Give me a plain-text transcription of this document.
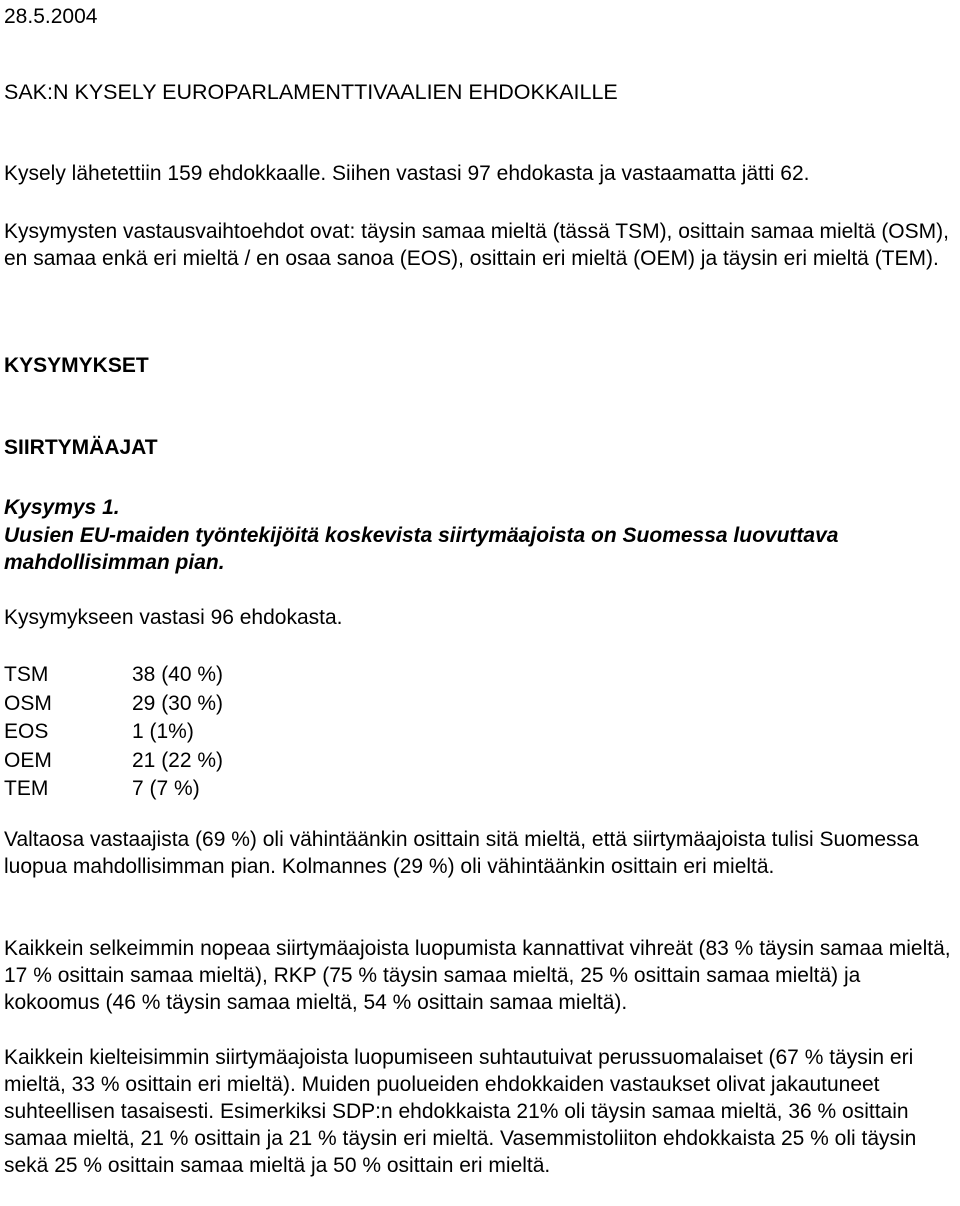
28.5.2004

SAK:N KYSELY EUROPARLAMENTTIVAALIEN EHDOKKAILLE

Kysely lähetettiin 159 ehdokkaalle. Siihen vastasi 97 ehdokasta ja vastaamatta jätti 62.

Kysymysten vastausvaihtoehdot ovat: täysin samaa mieltä (tässä TSM), osittain samaa mieltä (OSM), en samaa enkä eri mieltä / en osaa sanoa (EOS), osittain eri mieltä (OEM) ja täysin eri mieltä (TEM).

KYSYMYKSET
SIIRTYMÄAJAT

Kysymys 1.

Uusien EU-maiden työntekijöitä koskevista siirtymäajoista on Suomessa luovuttava mahdollisimman pian.

Kysymykseen vastasi 96 ehdokasta.

TSM	38 (40 %)
OSM	29 (30 %)
EOS	1 (1%)
OEM	21 (22 %)
TEM	7 (7 %)

Valtaosa vastaajista (69 %) oli vähintäänkin osittain sitä mieltä, että siirtymäajoista tulisi Suomessa luopua mahdollisimman pian. Kolmannes (29 %) oli vähintäänkin osittain eri mieltä.

Kaikkein selkeimmin nopeaa siirtymäajoista luopumista kannattivat vihreät (83 % täysin samaa mieltä, 17 % osittain samaa mieltä), RKP (75 % täysin samaa mieltä, 25 % osittain samaa mieltä) ja kokoomus (46 % täysin samaa mieltä, 54 % osittain samaa mieltä).

Kaikkein kielteisimmin siirtymäajoista luopumiseen suhtautuivat perussuomalaiset (67 % täysin eri mieltä, 33 % osittain eri mieltä). Muiden puolueiden ehdokkaiden vastaukset olivat jakautuneet suhteellisen tasaisesti. Esimerkiksi SDP:n ehdokkaista 21% oli täysin samaa mieltä, 36 % osittain samaa mieltä, 21 % osittain ja 21 % täysin eri mieltä. Vasemmistoliiton ehdokkaista 25 % oli täysin sekä 25 % osittain samaa mieltä ja 50 % osittain eri mieltä.
